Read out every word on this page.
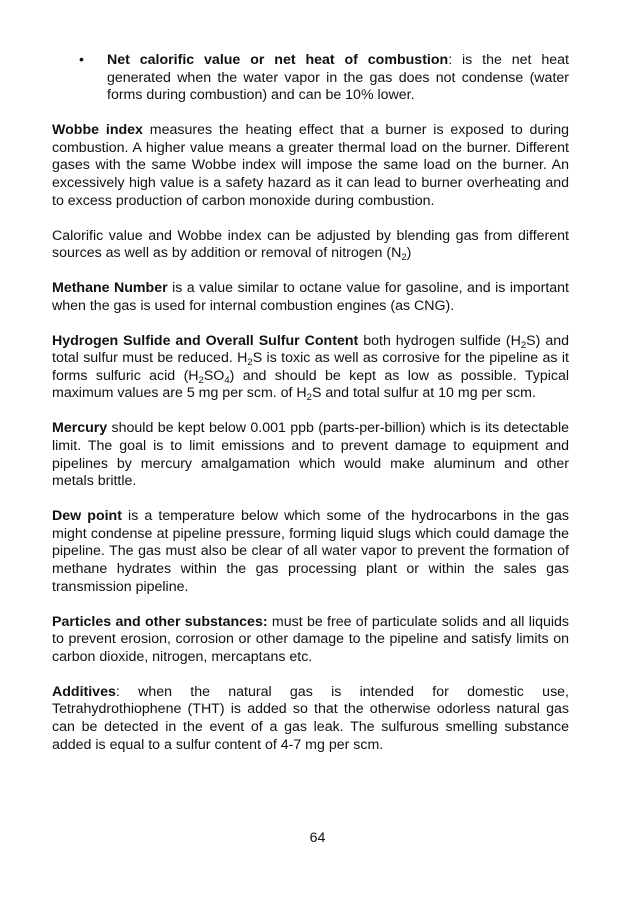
• Net calorific value or net heat of combustion: is the net heat generated when the water vapor in the gas does not condense (water forms during combustion) and can be 10% lower.

Wobbe index measures the heating effect that a burner is exposed to during combustion. A higher value means a greater thermal load on the burner. Different gases with the same Wobbe index will impose the same load on the burner. An excessively high value is a safety hazard as it can lead to burner overheating and to excess production of carbon monoxide during combustion.

Calorific value and Wobbe index can be adjusted by blending gas from different sources as well as by addition or removal of nitrogen $(N_2)$

Methane Number is a value similar to octane value for gasoline, and is important when the gas is used for internal combustion engines (as CNG).

Hydrogen Sulfide and Overall Sulfur Content both hydrogen sulfide $(H_2S)$ and total sulfur must be reduced. $H_2S$ is toxic as well as corrosive for the pipeline as it forms sulfuric acid $(H_2SO_4)$ and should be kept as low as possible. Typical maximum values are 5 mg per scm. of $H_2S$ and total sulfur at 10 mg per scm.

Mercury should be kept below 0.001 ppb (parts-per-billion) which is its detectable limit. The goal is to limit emissions and to prevent damage to equipment and pipelines by mercury amalgamation which would make aluminum and other metals brittle.

Dew point is a temperature below which some of the hydrocarbons in the gas might condense at pipeline pressure, forming liquid slugs which could damage the pipeline. The gas must also be clear of all water vapor to prevent the formation of methane hydrates within the gas processing plant or within the sales gas transmission pipeline.

Particles and other substances: must be free of particulate solids and all liquids to prevent erosion, corrosion or other damage to the pipeline and satisfy limits on carbon dioxide, nitrogen, mercaptans etc.

Additives: when the natural gas is intended for domestic use, Tetrahydrothiophene (THT) is added so that the otherwise odorless natural gas can be detected in the event of a gas leak. The sulfurous smelling substance added is equal to a sulfur content of 4-7 mg per scm.

64
